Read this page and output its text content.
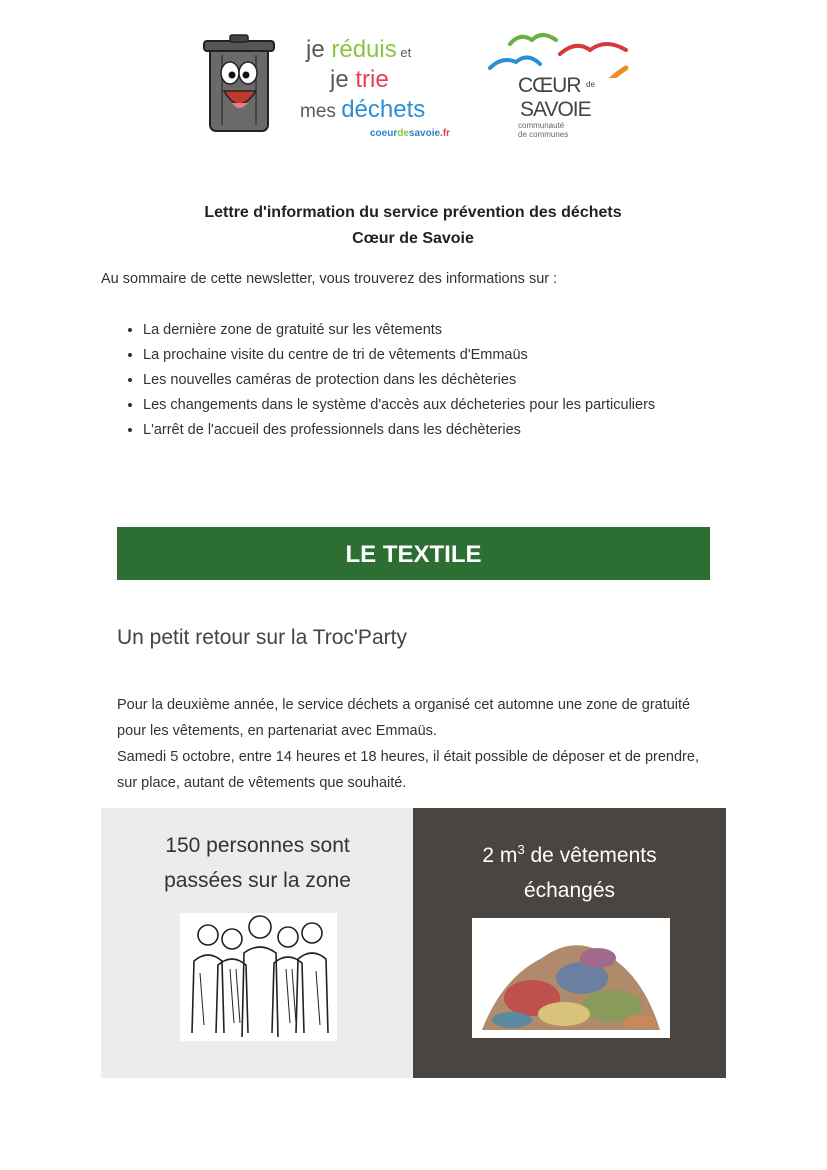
je réduis et
je trie
mes déchets
coeurdesavoie.fr
CŒUR de
SAVOIE
communauté
de communes
Lettre d'information du service prévention des déchets
Cœur de Savoie
Au sommaire de cette newsletter, vous trouverez des informations sur :
• La dernière zone de gratuité sur les vêtements
• La prochaine visite du centre de tri de vêtements d'Emmaüs
• Les nouvelles caméras de protection dans les déchèteries
• Les changements dans le système d'accès aux décheteries pour les particuliers
• L'arrêt de l'accueil des professionnels dans les déchèteries
LE TEXTILE
Un petit retour sur la Troc'Party
Pour la deuxième année, le service déchets a organisé cet automne une zone de gratuité pour les vêtements, en partenariat avec Emmaüs.
Samedi 5 octobre, entre 14 heures et 18 heures, il était possible de déposer et de prendre, sur place, autant de vêtements que souhaité.
150 personnes sont
passées sur la zone
2 $m^3$ de vêtements
échangés
